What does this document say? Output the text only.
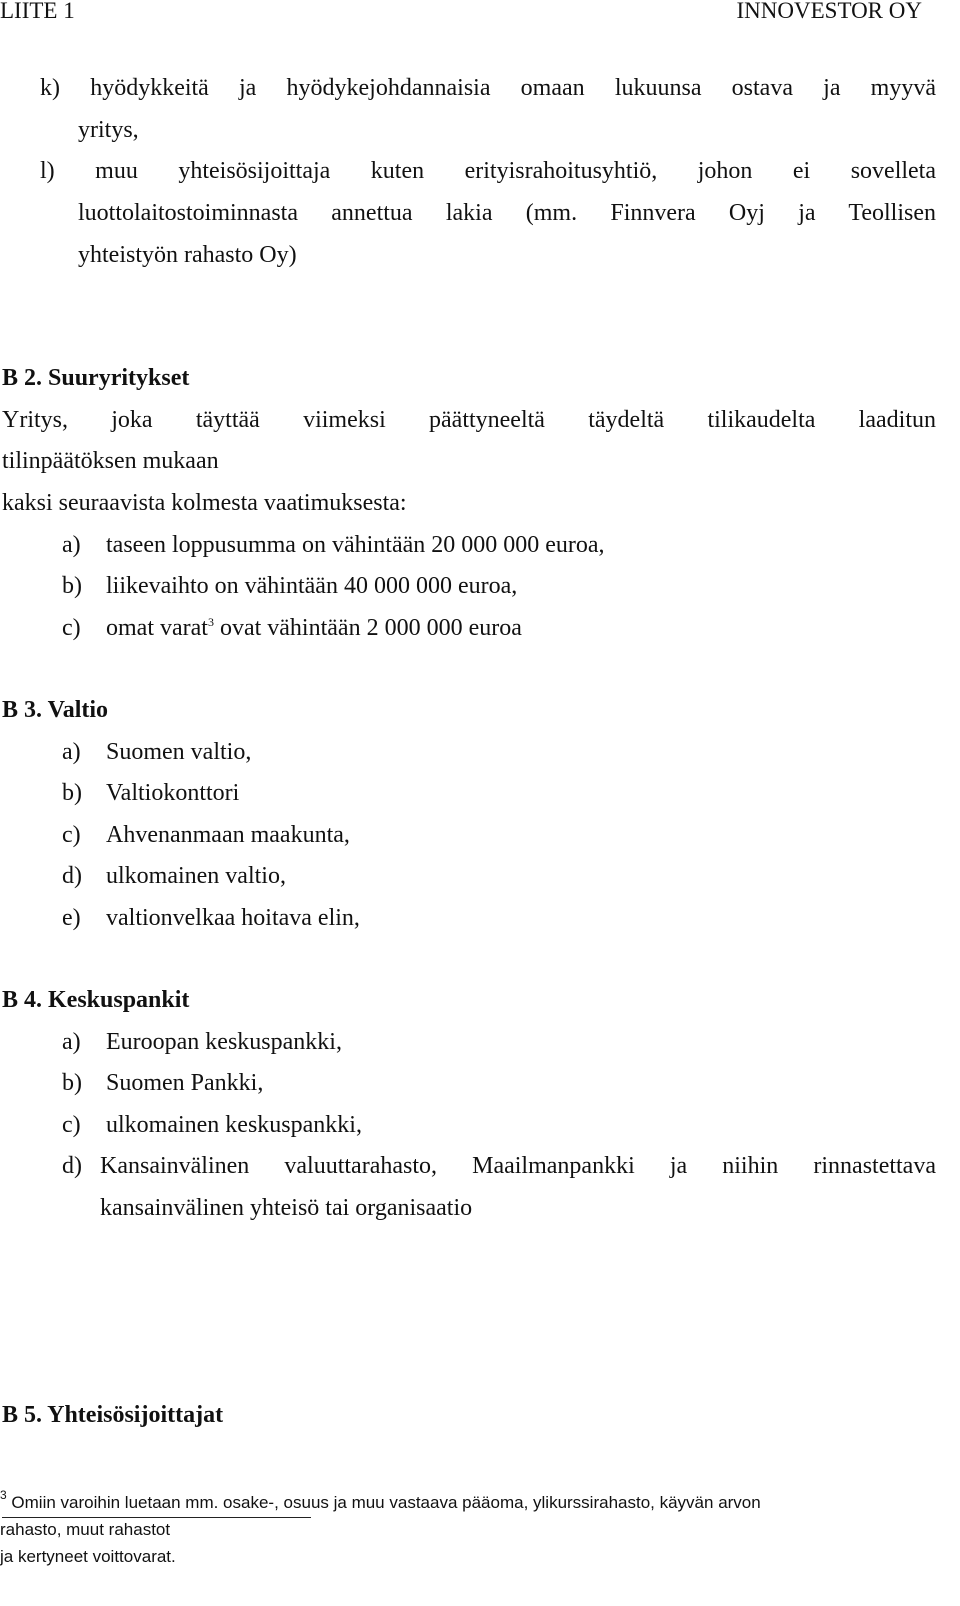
LIITE 1	INNOVESTOR OY
k) hyödykkeitä ja hyödykejohdannaisia omaan lukuunsa ostava ja myyvä
yritys,
l) muu yhteisösijoittaja kuten erityisrahoitusyhtiö, johon ei sovelleta
luottolaitostoiminnasta annettua lakia (mm. Finnvera Oyj ja Teollisen
yhteistyön rahasto Oy)
B 2. Suuryritykset
Yritys, joka täyttää viimeksi päättyneeltä täydeltä tilikaudelta laaditun
tilinpäätöksen mukaan
kaksi seuraavista kolmesta vaatimuksesta:
a) taseen loppusumma on vähintään 20 000 000 euroa,
b) liikevaihto on vähintään 40 000 000 euroa,
c) omat varat$^3$ ovat vähintään 2 000 000 euroa
B 3. Valtio
a) Suomen valtio,
b) Valtiokonttori
c) Ahvenanmaan maakunta,
d) ulkomainen valtio,
e) valtionvelkaa hoitava elin,
B 4. Keskuspankit
a) Euroopan keskuspankki,
b) Suomen Pankki,
c) ulkomainen keskuspankki,
d) Kansainvälinen valuuttarahasto, Maailmanpankki ja niihin rinnastettava
kansainvälinen yhteisö tai organisaatio
B 5. Yhteisösijoittajat
$^3$ Omiin varoihin luetaan mm. osake-, osuus ja muu vastaava pääoma, ylikurssirahasto, käyvän arvon
rahasto, muut rahastot
ja kertyneet voittovarat.
